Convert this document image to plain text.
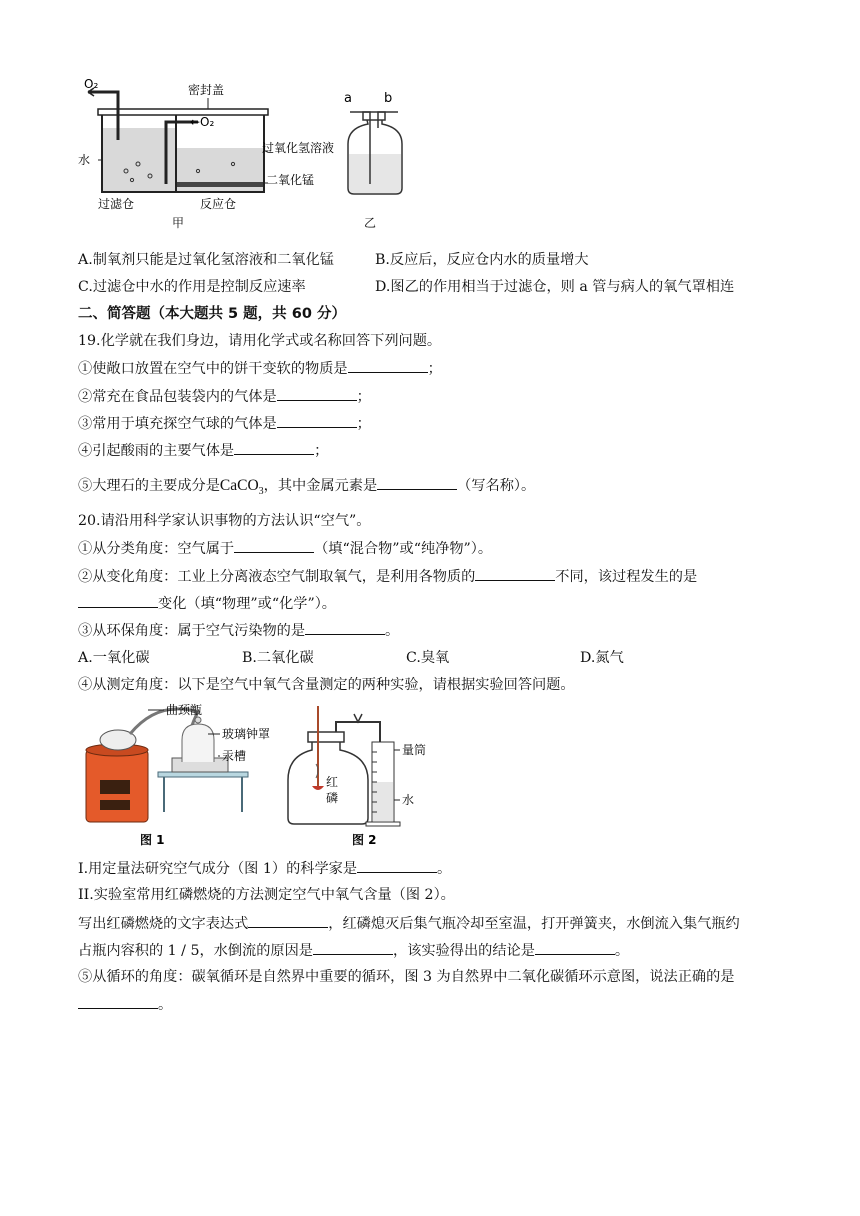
O₂	密封盖
←O₂
水
过滤仓	反应仓
过氧化氢溶液
二氧化锰
甲
a b
乙
A.制氧剂只能是过氧化氢溶液和二氧化锰	B.反应后，反应仓内水的质量增大
C.过滤仓中水的作用是控制反应速率	D.图乙的作用相当于过滤仓，则 a 管与病人的氧气罩相连
二、简答题（本大题共 5 题，共 60 分）
19.化学就在我们身边，请用化学式或名称回答下列问题。
①使敞口放置在空气中的饼干变软的物质是	；
②常充在食品包装袋内的气体是	；
③常用于填充探空气球的气体是	；
④引起酸雨的主要气体是	；
⑤大理石的主要成分是CaCO$_3$，其中金属元素是	（写名称）。
20.请沿用科学家认识事物的方法认识“空气”。
①从分类角度：空气属于	（填“混合物”或“纯净物”）。
②从变化角度：工业上分离液态空气制取氧气，是利用各物质的	不同，该过程发生的是
变化（填“物理”或“化学”）。
③从环保角度：属于空气污染物的是	。
A.一氧化碳	B.二氧化碳	C.臭氧	D.氮气
④从测定角度：以下是空气中氧气含量测定的两种实验，请根据实验回答问题。
曲颈甑
玻璃钟罩
汞槽
图 1
红
磷
量筒
水
图 2
I.用定量法研究空气成分（图 1）的科学家是	。
II.实验室常用红磷燃烧的方法测定空气中氧气含量（图 2）。
写出红磷燃烧的文字表达式	，红磷熄灭后集气瓶冷却至室温，打开弹簧夹，水倒流入集气瓶约
占瓶内容积的 1 / 5，水倒流的原因是	，该实验得出的结论是	。
⑤从循环的角度：碳氧循环是自然界中重要的循环，图 3 为自然界中二氧化碳循环示意图，说法正确的是
。
